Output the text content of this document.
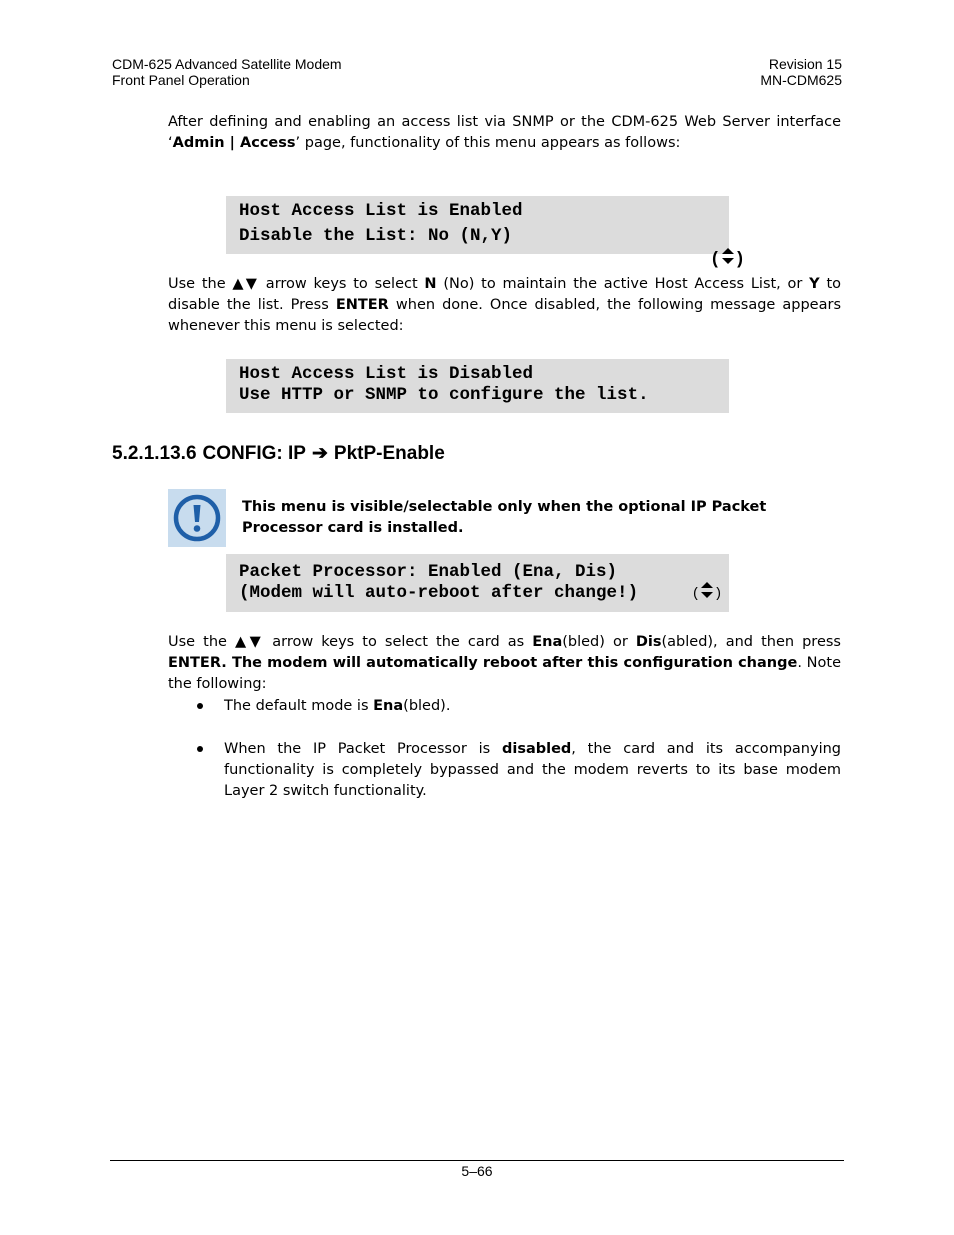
CDM-625 Advanced Satellite Modem
Front Panel Operation
Revision 15
MN-CDM625
After defining and enabling an access list via SNMP or the CDM-625 Web Server interface ‘Admin | Access’ page, functionality of this menu appears as follows:

Host Access List is Enabled

Disable the List: No (N,Y)

( )

Use the ▲▼ arrow keys to select N (No) to maintain the active Host Access List, or Y to disable the list. Press ENTER when done. Once disabled, the following message appears whenever this menu is selected:

Host Access List is Disabled

Use HTTP or SNMP to configure the list.

5.2.1.13.6 CONFIG: IP ➔ PktP-Enable
This menu is visible/selectable only when the optional IP Packet Processor card is installed.

Packet Processor: Enabled (Ena, Dis)

(Modem will auto-reboot after change!)

	( )

Use the ▲▼ arrow keys to select the card as Ena(bled) or Dis(abled), and then press ENTER. The modem will automatically reboot after this configuration change. Note the following:
The default mode is Ena(bled).
When the IP Packet Processor is disabled, the card and its accompanying functionality is completely bypassed and the modem reverts to its base modem Layer 2 switch functionality.
5–66
